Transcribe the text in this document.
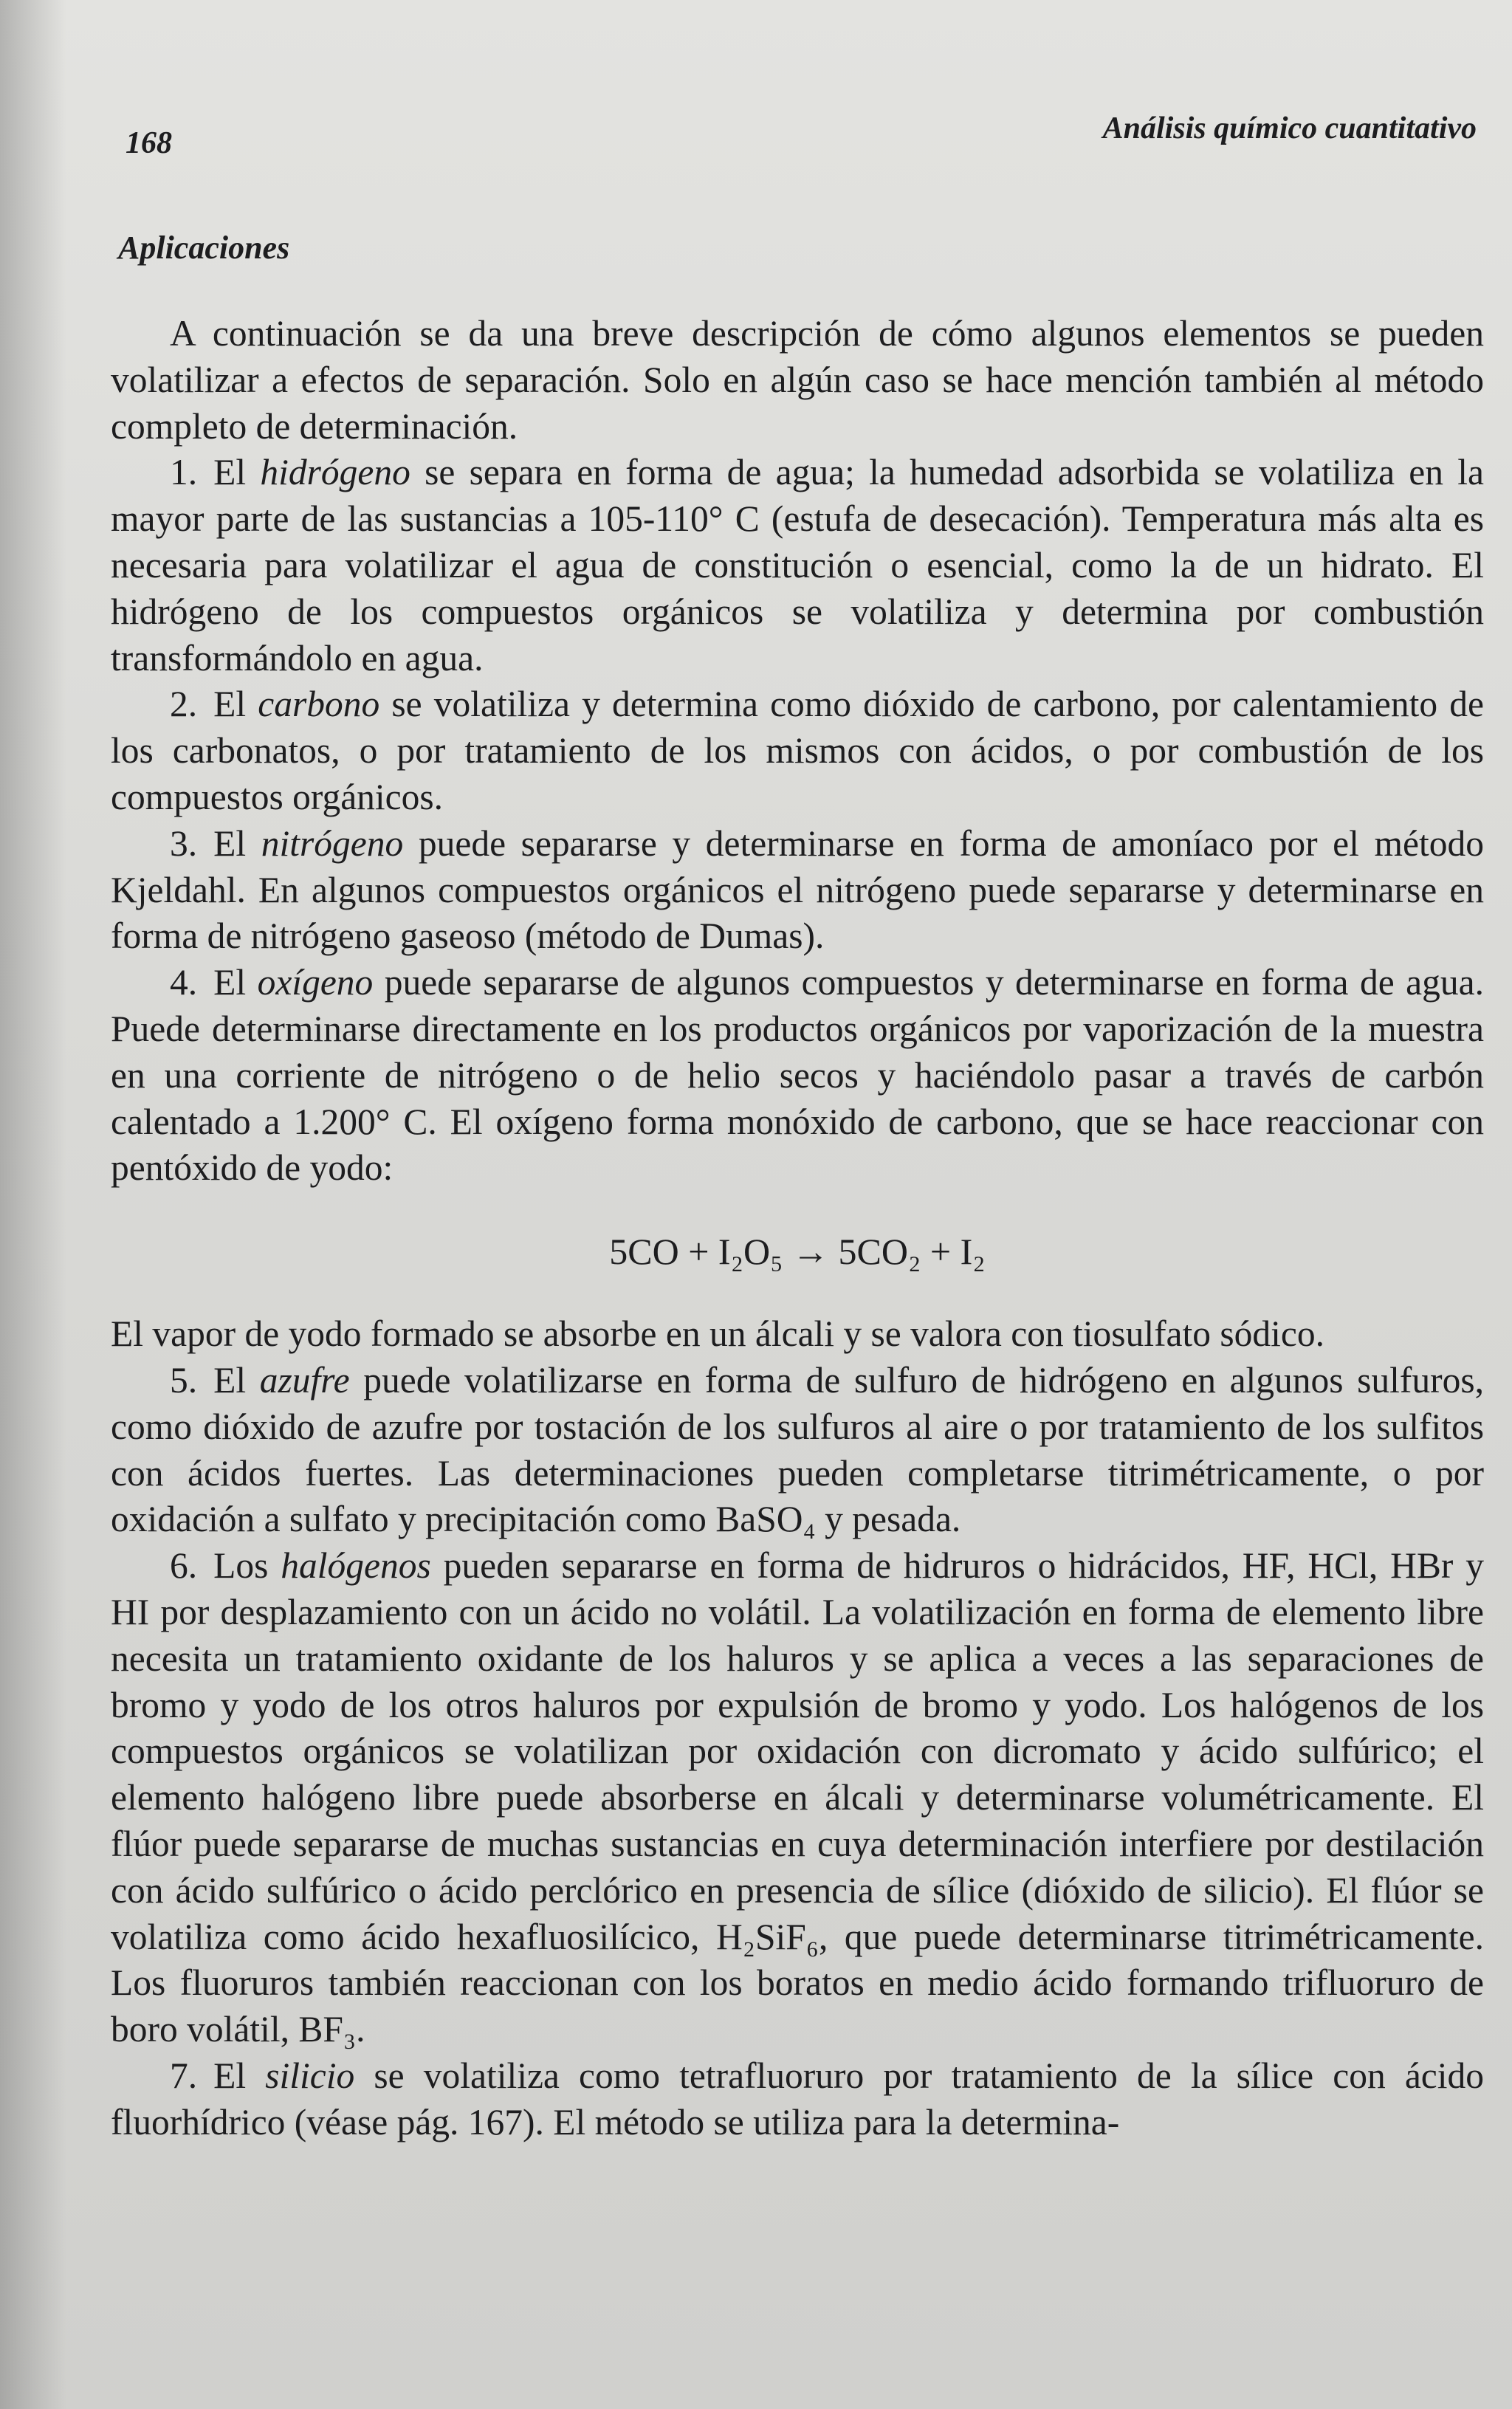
168	Análisis químico cuantitativo
Aplicaciones

A continuación se da una breve descripción de cómo algunos elementos se pueden volatilizar a efectos de separación. Solo en algún caso se hace mención también al método completo de determinación.

1. El hidrógeno se separa en forma de agua; la humedad adsorbida se volatiliza en la mayor parte de las sustancias a 105-110° C (estufa de desecación). Temperatura más alta es necesaria para volatilizar el agua de constitución o esencial, como la de un hidrato. El hidrógeno de los compuestos orgánicos se volatiliza y determina por combustión transformándolo en agua.

2. El carbono se volatiliza y determina como dióxido de carbono, por calentamiento de los carbonatos, o por tratamiento de los mismos con ácidos, o por combustión de los compuestos orgánicos.

3. El nitrógeno puede separarse y determinarse en forma de amoníaco por el método Kjeldahl. En algunos compuestos orgánicos el nitrógeno puede separarse y determinarse en forma de nitrógeno gaseoso (método de Dumas).

4. El oxígeno puede separarse de algunos compuestos y determinarse en forma de agua. Puede determinarse directamente en los productos orgánicos por vaporización de la muestra en una corriente de nitrógeno o de helio secos y haciéndolo pasar a través de carbón calentado a 1.200° C. El oxígeno forma monóxido de carbono, que se hace reaccionar con pentóxido de yodo:

5CO + I₂O₅ → 5CO₂ + I₂

El vapor de yodo formado se absorbe en un álcali y se valora con tiosulfato sódico.

5. El azufre puede volatilizarse en forma de sulfuro de hidrógeno en algunos sulfuros, como dióxido de azufre por tostación de los sulfuros al aire o por tratamiento de los sulfitos con ácidos fuertes. Las determinaciones pueden completarse titrimétricamente, o por oxidación a sulfato y precipitación como BaSO₄ y pesada.

6. Los halógenos pueden separarse en forma de hidruros o hidrácidos, HF, HCl, HBr y HI por desplazamiento con un ácido no volátil. La volatilización en forma de elemento libre necesita un tratamiento oxidante de los haluros y se aplica a veces a las separaciones de bromo y yodo de los otros haluros por expulsión de bromo y yodo. Los halógenos de los compuestos orgánicos se volatilizan por oxidación con dicromato y ácido sulfúrico; el elemento halógeno libre puede absorberse en álcali y determinarse volumétricamente. El flúor puede separarse de muchas sustancias en cuya determinación interfiere por destilación con ácido sulfúrico o ácido perclórico en presencia de sílice (dióxido de silicio). El flúor se volatiliza como ácido hexafluosilícico, H₂SiF₆, que puede determinarse titrimétricamente. Los fluoruros también reaccionan con los boratos en medio ácido formando trifluoruro de boro volátil, BF₃.

7. El silicio se volatiliza como tetrafluoruro por tratamiento de la sílice con ácido fluorhídrico (véase pág. 167). El método se utiliza para la determina-
